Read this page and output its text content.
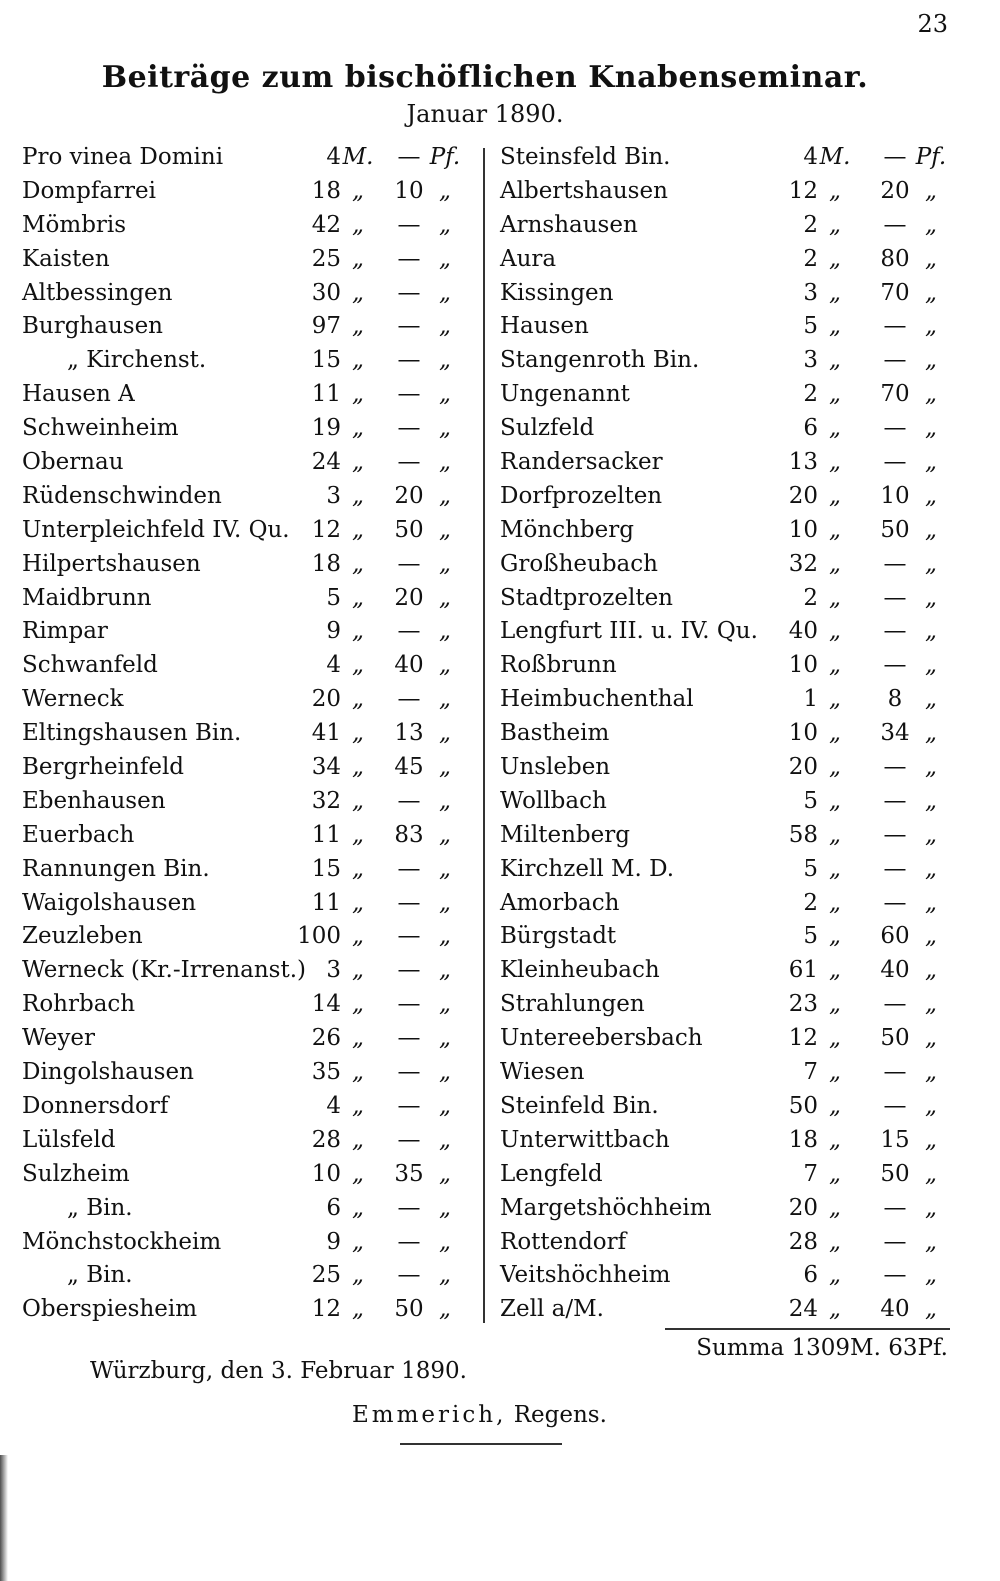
23
Beiträge zum bischöflichen Knabenseminar.
Januar 1890.
Pro vinea Domini	4M.	— Pf.
Dompfarrei	18 „	10 „
Mömbris	42 „	— „
Kaisten	25 „	— „
Altbessingen	30 „	— „
Burghausen	97 „	— „
„ Kirchenst.	15 „	— „
Hausen A	11 „	— „
Schweinheim	19 „	— „
Obernau	24 „	— „
Rüdenschwinden	3 „	20 „
Unterpleichfeld IV. Qu. 12 „	50 „
Hilpertshausen	18 „	— „
Maidbrunn	5 „	20 „
Rimpar	9 „	— „
Schwanfeld	4 „	40 „
Werneck	20 „	— „
Eltingshausen Bin.	41 „	13 „
Bergrheinfeld	34 „	45 „
Ebenhausen	32 „	— „
Euerbach	11 „	83 „
Rannungen Bin.	15 „	— „
Waigolshausen	11 „	— „
Zeuzleben	100 „	— „
Werneck (Kr.-Irrenanst.) 3 „	— „
Rohrbach	14 „	— „
Weyer	26 „	— „
Dingolshausen	35 „	— „
Donnersdorf	4 „	— „
Lülsfeld	28 „	— „
Sulzheim	10 „	35 „
„ Bin.	6 „	— „
Mönchstockheim	9 „	— „
„ Bin.	25 „	— „
Oberspiesheim	12 „	50 „
Steinsfeld Bin.	4M.	— Pf.
Albertshausen	12 „	20 „
Arnshausen	2 „	— „
Aura	2 „	80 „
Kissingen	3 „	70 „
Hausen	5 „	— „
Stangenroth Bin.	3 „	— „
Ungenannt	2 „	70 „
Sulzfeld	6 „	— „
Randersacker	13 „	— „
Dorfprozelten	20 „	10 „
Mönchberg	10 „	50 „
Großheubach	32 „	— „
Stadtprozelten	2 „	— „
Lengfurt III. u. IV. Qu.	40 „	— „
Roßbrunn	10 „	— „
Heimbuchenthal	1 „	8 „
Bastheim	10 „	34 „
Unsleben	20 „	— „
Wollbach	5 „	— „
Miltenberg	58 „	— „
Kirchzell M. D.	5 „	— „
Amorbach	2 „	— „
Bürgstadt	5 „	60 „
Kleinheubach	61 „	40 „
Strahlungen	23 „	— „
Untereebersbach	12 „	50 „
Wiesen	7 „	— „
Steinfeld Bin.	50 „	— „
Unterwittbach	18 „	15 „
Lengfeld	7 „	50 „
Margetshöchheim	20 „	— „
Rottendorf	28 „	— „
Veitshöchheim	6 „	— „
Zell a/M.	24 „	40 „
Summa 1309M. 63Pf.
Würzburg, den 3. Februar 1890.
Emmerich, Regens.
